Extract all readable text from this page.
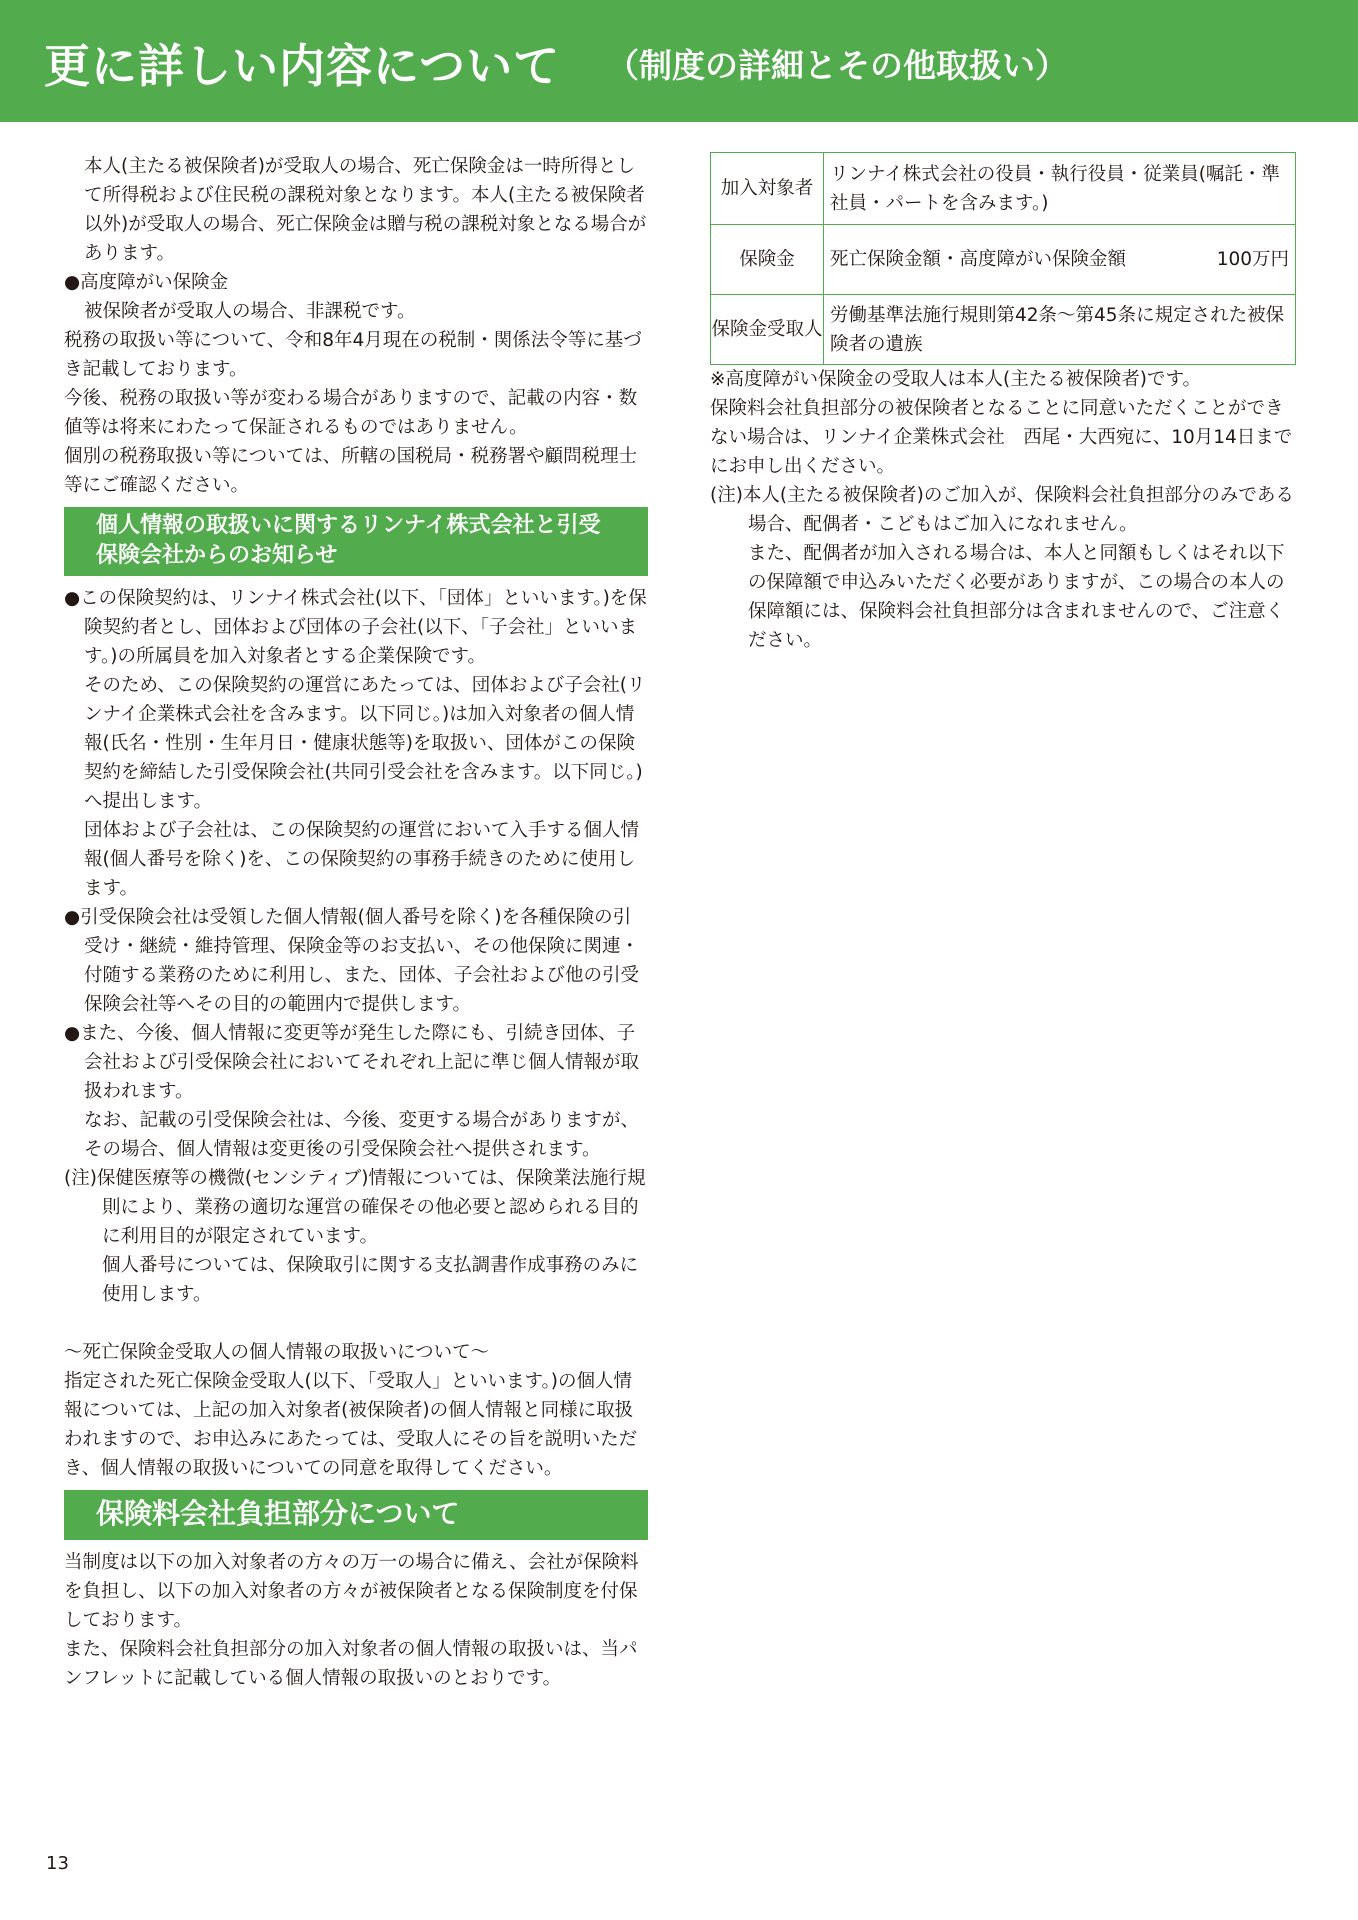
更に詳しい内容について （制度の詳細とその他取扱い）

本人(主たる被保険者)が受取人の場合、死亡保険金は一時所得として所得税および住民税の課税対象となります。本人(主たる被保険者以外)が受取人の場合、死亡保険金は贈与税の課税対象となる場合があります。

●高度障がい保険金

被保険者が受取人の場合、非課税です。

税務の取扱い等について、令和8年4月現在の税制・関係法令等に基づき記載しております。

今後、税務の取扱い等が変わる場合がありますので、記載の内容・数値等は将来にわたって保証されるものではありません。

個別の税務取扱い等については、所轄の国税局・税務署や顧問税理士等にご確認ください。

個人情報の取扱いに関するリンナイ株式会社と引受
保険会社からのお知らせ

●この保険契約は、リンナイ株式会社(以下、「団体」といいます。)を保険契約者とし、団体および団体の子会社(以下、「子会社」といいます。)の所属員を加入対象者とする企業保険です。

そのため、この保険契約の運営にあたっては、団体および子会社(リンナイ企業株式会社を含みます。以下同じ。)は加入対象者の個人情報(氏名・性別・生年月日・健康状態等)を取扱い、団体がこの保険契約を締結した引受保険会社(共同引受会社を含みます。以下同じ。)へ提出します。

団体および子会社は、この保険契約の運営において入手する個人情報(個人番号を除く)を、この保険契約の事務手続きのために使用します。

●引受保険会社は受領した個人情報(個人番号を除く)を各種保険の引受け・継続・維持管理、保険金等のお支払い、その他保険に関連・付随する業務のために利用し、また、団体、子会社および他の引受保険会社等へその目的の範囲内で提供します。

●また、今後、個人情報に変更等が発生した際にも、引続き団体、子会社および引受保険会社においてそれぞれ上記に準じ個人情報が取扱われます。

なお、記載の引受保険会社は、今後、変更する場合がありますが、その場合、個人情報は変更後の引受保険会社へ提供されます。

(注)保健医療等の機微(センシティブ)情報については、保険業法施行規則により、業務の適切な運営の確保その他必要と認められる目的に利用目的が限定されています。

個人番号については、保険取引に関する支払調書作成事務のみに使用します。

～死亡保険金受取人の個人情報の取扱いについて～

指定された死亡保険金受取人(以下、「受取人」といいます。)の個人情報については、上記の加入対象者(被保険者)の個人情報と同様に取扱われますので、お申込みにあたっては、受取人にその旨を説明いただき、個人情報の取扱いについての同意を取得してください。

保険料会社負担部分について

当制度は以下の加入対象者の方々の万一の場合に備え、会社が保険料を負担し、以下の加入対象者の方々が被保険者となる保険制度を付保しております。

また、保険料会社負担部分の加入対象者の個人情報の取扱いは、当パンフレットに記載している個人情報の取扱いのとおりです。

加入対象者	リンナイ株式会社の役員・執行役員・従業員(嘱託・準社員・パートを含みます。)
保険金	死亡保険金額・高度障がい保険金額 100万円

保険金受取人	労働基準法施行規則第42条～第45条に規定された被保険者の遺族

※高度障がい保険金の受取人は本人(主たる被保険者)です。

保険料会社負担部分の被保険者となることに同意いただくことができない場合は、リンナイ企業株式会社　西尾・大西宛に、10月14日までにお申し出ください。

(注)本人(主たる被保険者)のご加入が、保険料会社負担部分のみである場合、配偶者・こどもはご加入になれません。

また、配偶者が加入される場合は、本人と同額もしくはそれ以下の保障額で申込みいただく必要がありますが、この場合の本人の保障額には、保険料会社負担部分は含まれませんので、ご注意ください。

13
